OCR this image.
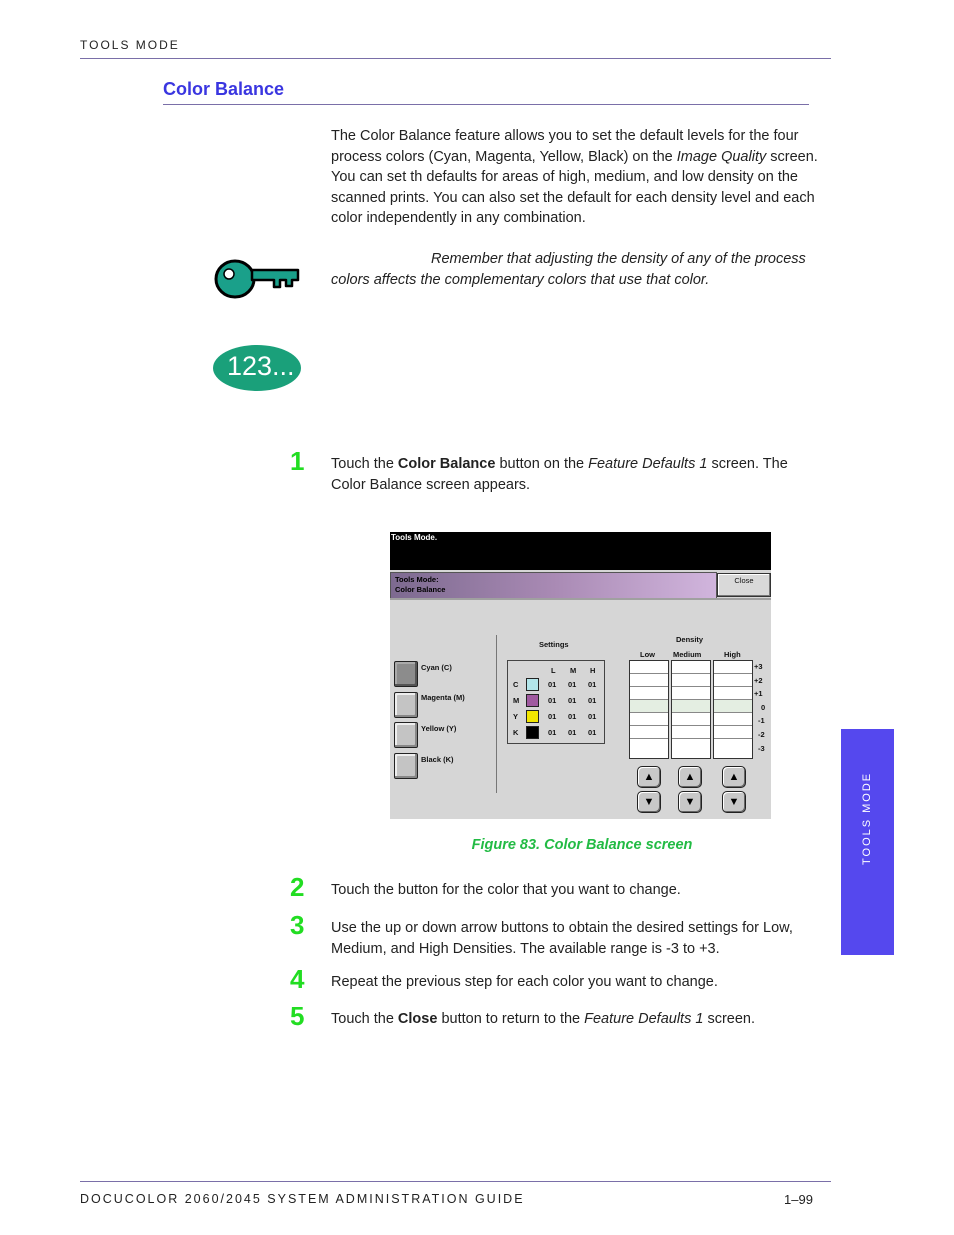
TOOLS MODE
Color Balance
The Color Balance feature allows you to set the default levels for the four process colors (Cyan, Magenta, Yellow, Black) on the Image Quality screen. You can set th defaults for areas of high, medium, and low density on the scanned prints. You can also set the default for each density level and each color independently in any combination.
Remember that adjusting the density of any of the process colors affects the complementary colors that use that color.
123...
1 Touch the Color Balance button on the Feature Defaults 1 screen. The Color Balance screen appears.
Tools Mode.
Tools Mode:
Color Balance
Close
Cyan (C)
Magenta (M)
Yellow (Y)
Black (K)
Settings
L M H
C	01 01 01
M	01 01 01
Y	01 01 01
K	01 01 01
Density
Low Medium	High
+3
+2
+1
0
-1
-2
-3
▲
▼
▲
▼
▲
▼
Figure 83. Color Balance screen
2 Touch the button for the color that you want to change.
3 Use the up or down arrow buttons to obtain the desired settings for Low, Medium, and High Densities. The available range is -3 to +3.
4 Repeat the previous step for each color you want to change.
5 Touch the Close button to return to the Feature Defaults 1 screen.
TOOLS MODE
DOCUCOLOR 2060/2045 SYSTEM ADMINISTRATION GUIDE	1–99
